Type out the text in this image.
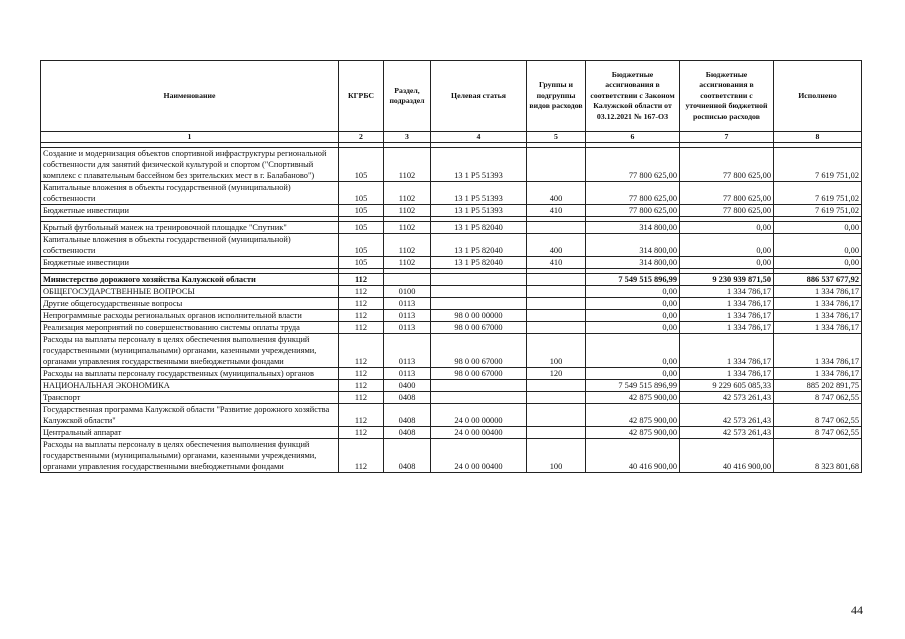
Наименование	КГРБС	Раздел, подраздел	Целевая статья	Группы и подгруппы видов расходов	Бюджетные ассигнования в соответствии с Законом Калужской области от 03.12.2021 № 167-ОЗ	Бюджетные ассигнования в соответствии с уточненной бюджетной росписью расходов	Исполнено
1	2	3	4	5	6	7	8

Создание и модернизация объектов спортивной инфраструктуры региональной собственности для занятий физической культурой и спортом ("Спортивный комплекс с плавательным бассейном без зрительских мест в г. Балабаново")	105	1102	13 1 P5 51393		77 800 625,00	77 800 625,00	7 619 751,02
Капитальные вложения в объекты государственной (муниципальной) собственности	105	1102	13 1 P5 51393	400	77 800 625,00	77 800 625,00	7 619 751,02
Бюджетные инвестиции	105	1102	13 1 P5 51393	410	77 800 625,00	77 800 625,00	7 619 751,02

Крытый футбольный манеж на тренировочной площадке "Спутник"	105	1102	13 1 P5 82040		314 800,00	0,00	0,00
Капитальные вложения в объекты государственной (муниципальной) собственности	105	1102	13 1 P5 82040	400	314 800,00	0,00	0,00
Бюджетные инвестиции	105	1102	13 1 P5 82040	410	314 800,00	0,00	0,00

Министерство дорожного хозяйства Калужской области	112				7 549 515 896,99	9 230 939 871,50	886 537 677,92
ОБЩЕГОСУДАРСТВЕННЫЕ ВОПРОСЫ	112	0100			0,00	1 334 786,17	1 334 786,17
Другие общегосударственные вопросы	112	0113			0,00	1 334 786,17	1 334 786,17
Непрограммные расходы региональных органов исполнительной власти	112	0113	98 0 00 00000		0,00	1 334 786,17	1 334 786,17
Реализация мероприятий по совершенствованию системы оплаты труда	112	0113	98 0 00 67000		0,00	1 334 786,17	1 334 786,17
Расходы на выплаты персоналу в целях обеспечения выполнения функций государственными (муниципальными) органами, казенными учреждениями, органами управления государственными внебюджетными фондами	112	0113	98 0 00 67000	100	0,00	1 334 786,17	1 334 786,17
Расходы на выплаты персоналу государственных (муниципальных) органов	112	0113	98 0 00 67000	120	0,00	1 334 786,17	1 334 786,17
НАЦИОНАЛЬНАЯ ЭКОНОМИКА	112	0400			7 549 515 896,99	9 229 605 085,33	885 202 891,75
Транспорт	112	0408			42 875 900,00	42 573 261,43	8 747 062,55
Государственная программа Калужской области "Развитие дорожного хозяйства Калужской области"	112	0408	24 0 00 00000		42 875 900,00	42 573 261,43	8 747 062,55
Центральный аппарат	112	0408	24 0 00 00400		42 875 900,00	42 573 261,43	8 747 062,55
Расходы на выплаты персоналу в целях обеспечения выполнения функций государственными (муниципальными) органами, казенными учреждениями, органами управления государственными внебюджетными фондами	112	0408	24 0 00 00400	100	40 416 900,00	40 416 900,00	8 323 801,68
44
